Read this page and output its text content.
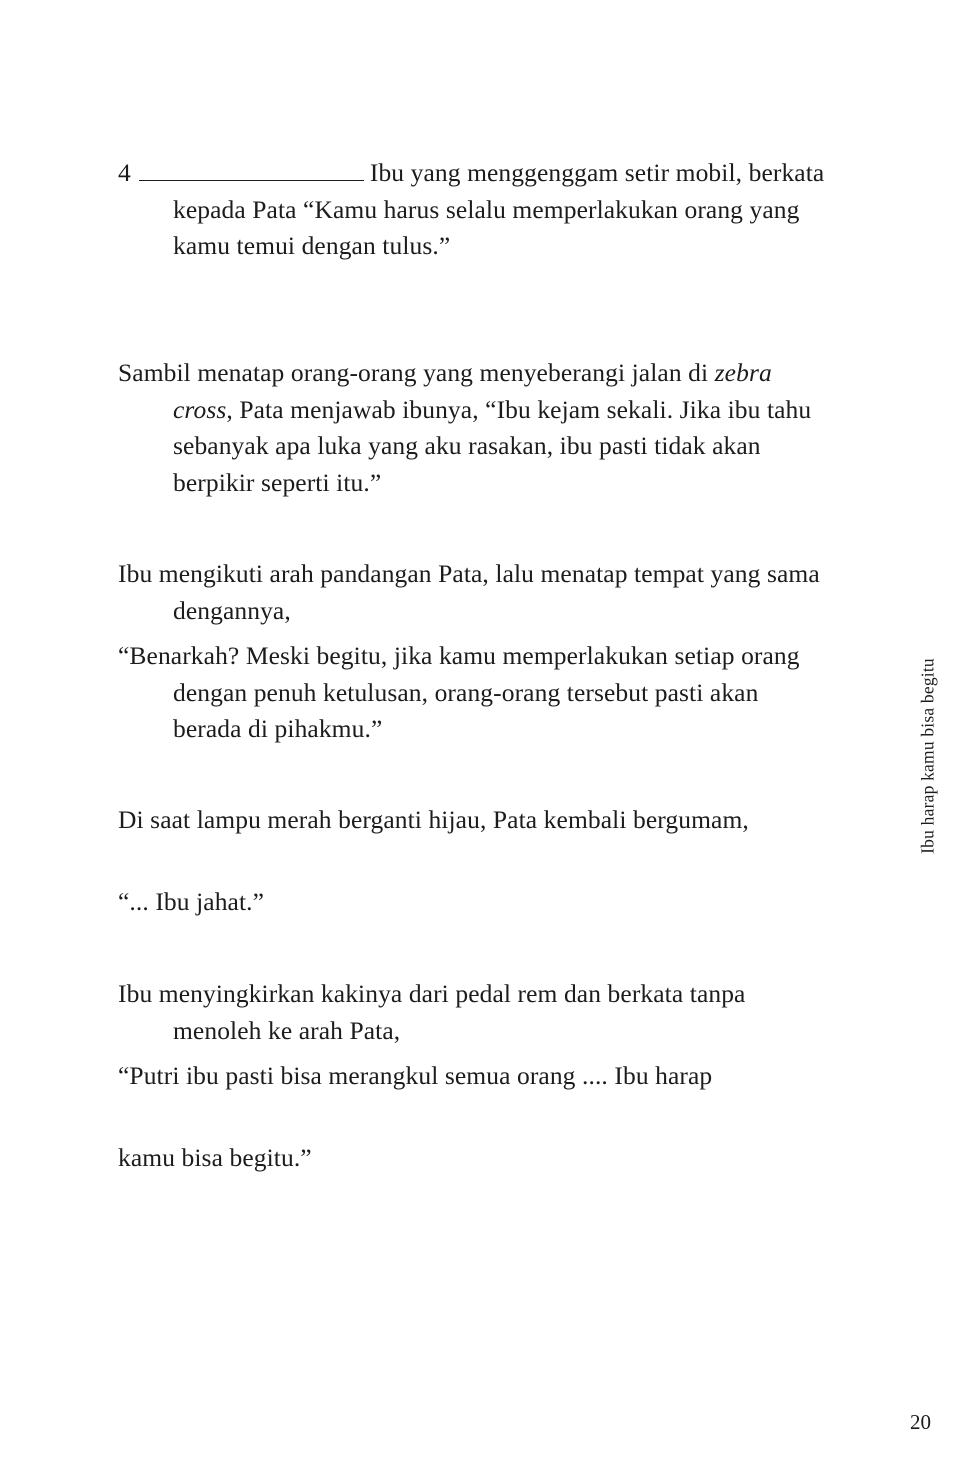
4	Ibu yang menggenggam setir mobil, berkata kepada Pata “Kamu harus selalu memperlakukan orang yang kamu temui dengan tulus.”

Sambil menatap orang-orang yang menyeberangi jalan di zebra cross, Pata menjawab ibunya, “Ibu kejam sekali. Jika ibu tahu sebanyak apa luka yang aku rasakan, ibu pasti tidak akan berpikir seperti itu.”

Ibu mengikuti arah pandangan Pata, lalu menatap tempat yang sama dengannya,

“Benarkah? Meski begitu, jika kamu memperlakukan setiap orang dengan penuh ketulusan, orang-orang tersebut pasti akan berada di pihakmu.”

Di saat lampu merah berganti hijau, Pata kembali bergumam,

“... Ibu jahat.”

Ibu menyingkirkan kakinya dari pedal rem dan berkata tanpa menoleh ke arah Pata,

“Putri ibu pasti bisa merangkul semua orang .... Ibu harap

kamu bisa begitu.”

Ibu harap kamu bisa begitu
20
